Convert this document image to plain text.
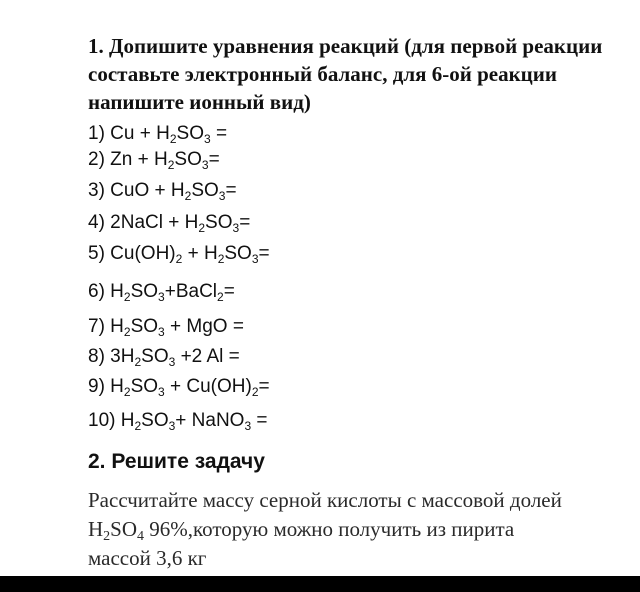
1. Допишите уравнения реакций (для первой реакции составьте электронный баланс, для 6-ой реакции напишите ионный вид)

1) $Cu + H_2SO_3$ =
2) $Zn + H_2SO_3=$
3) CuO + $H_2SO_3=$
4) 2NaCl + $H_2SO_3=$
5) $Cu(OH)_2 + H_2SO_3=$
6) $H_2SO_3+BaCl_2=$
7) $H_2SO_3$ + MgO =
8) $3H_2SO_3 +2$ Al =
9) $H_2SO_3 + Cu(OH)_2=$
10) $H_2SO_3+$ NaNO$_3$ =
2. Решите задачу

Рассчитайте массу серной кислоты с массовой долей $H_2SO_4$ 96%,которую можно получить из пирита массой 3,6 кг
